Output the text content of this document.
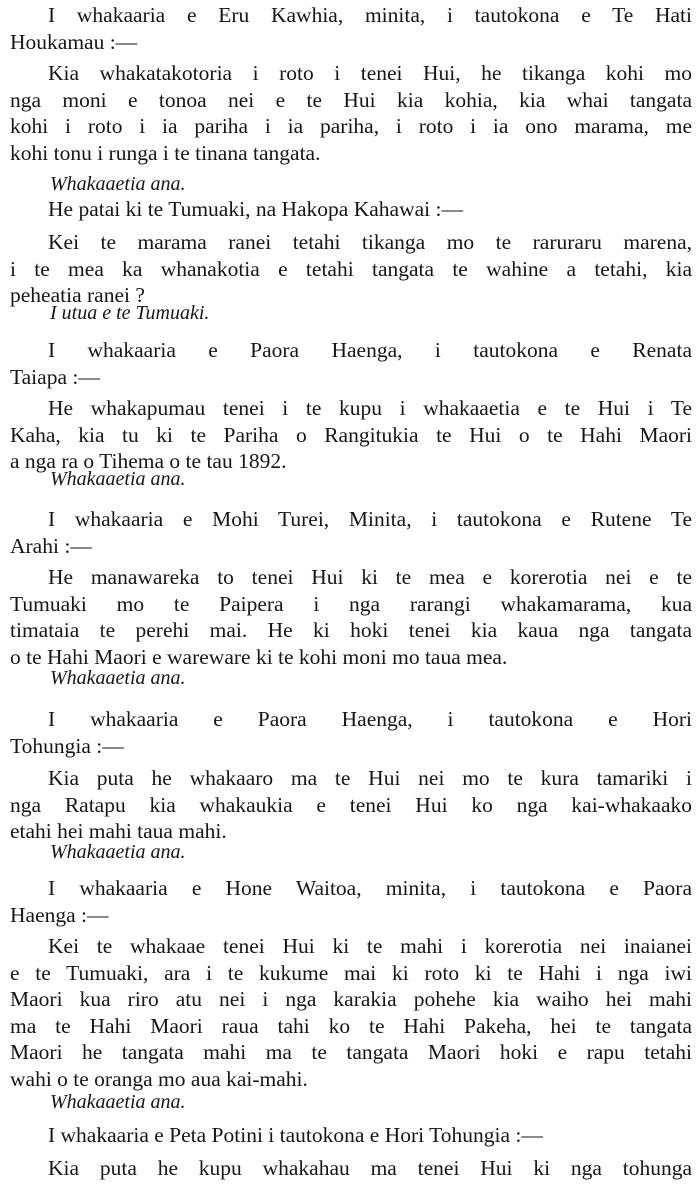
I whakaaria e Eru Kawhia, minita, i tautokona e Te Hati
Houkamau :—

Kia whakatakotoria i roto i tenei Hui, he tikanga kohi mo
nga moni e tonoa nei e te Hui kia kohia, kia whai tangata
kohi i roto i ia pariha i ia pariha, i roto i ia ono marama, me
kohi tonu i runga i te tinana tangata.

Whakaaetia ana.

He patai ki te Tumuaki, na Hakopa Kahawai :—

Kei te marama ranei tetahi tikanga mo te raruraru marena,
i te mea ka whanakotia e tetahi tangata te wahine a tetahi, kia
peheatia ranei ?

I utua e te Tumuaki.

I whakaaria e Paora Haenga, i tautokona e Renata
Taiapa :—

He whakapumau tenei i te kupu i whakaaetia e te Hui i Te
Kaha, kia tu ki te Pariha o Rangitukia te Hui o te Hahi Maori
a nga ra o Tihema o te tau 1892.

Whakaaetia ana.

I whakaaria e Mohi Turei, Minita, i tautokona e Rutene Te
Arahi :—

He manawareka to tenei Hui ki te mea e korerotia nei e te
Tumuaki mo te Paipera i nga rarangi whakamarama, kua
timataia te perehi mai. He ki hoki tenei kia kaua nga tangata
o te Hahi Maori e wareware ki te kohi moni mo taua mea.

Whakaaetia ana.

I whakaaria e Paora Haenga, i tautokona e Hori
Tohungia :—

Kia puta he whakaaro ma te Hui nei mo te kura tamariki i
nga Ratapu kia whakaukia e tenei Hui ko nga kai-whakaako
etahi hei mahi taua mahi.

Whakaaetia ana.

I whakaaria e Hone Waitoa, minita, i tautokona e Paora
Haenga :—

Kei te whakaae tenei Hui ki te mahi i korerotia nei inaianei
e te Tumuaki, ara i te kukume mai ki roto ki te Hahi i nga iwi
Maori kua riro atu nei i nga karakia pohehe kia waiho hei mahi
ma te Hahi Maori raua tahi ko te Hahi Pakeha, hei te tangata
Maori he tangata mahi ma te tangata Maori hoki e rapu tetahi
wahi o te oranga mo aua kai-mahi.

Whakaaetia ana.

I whakaaria e Peta Potini i tautokona e Hori Tohungia :—

Kia puta he kupu whakahau ma tenei Hui ki nga tohunga
